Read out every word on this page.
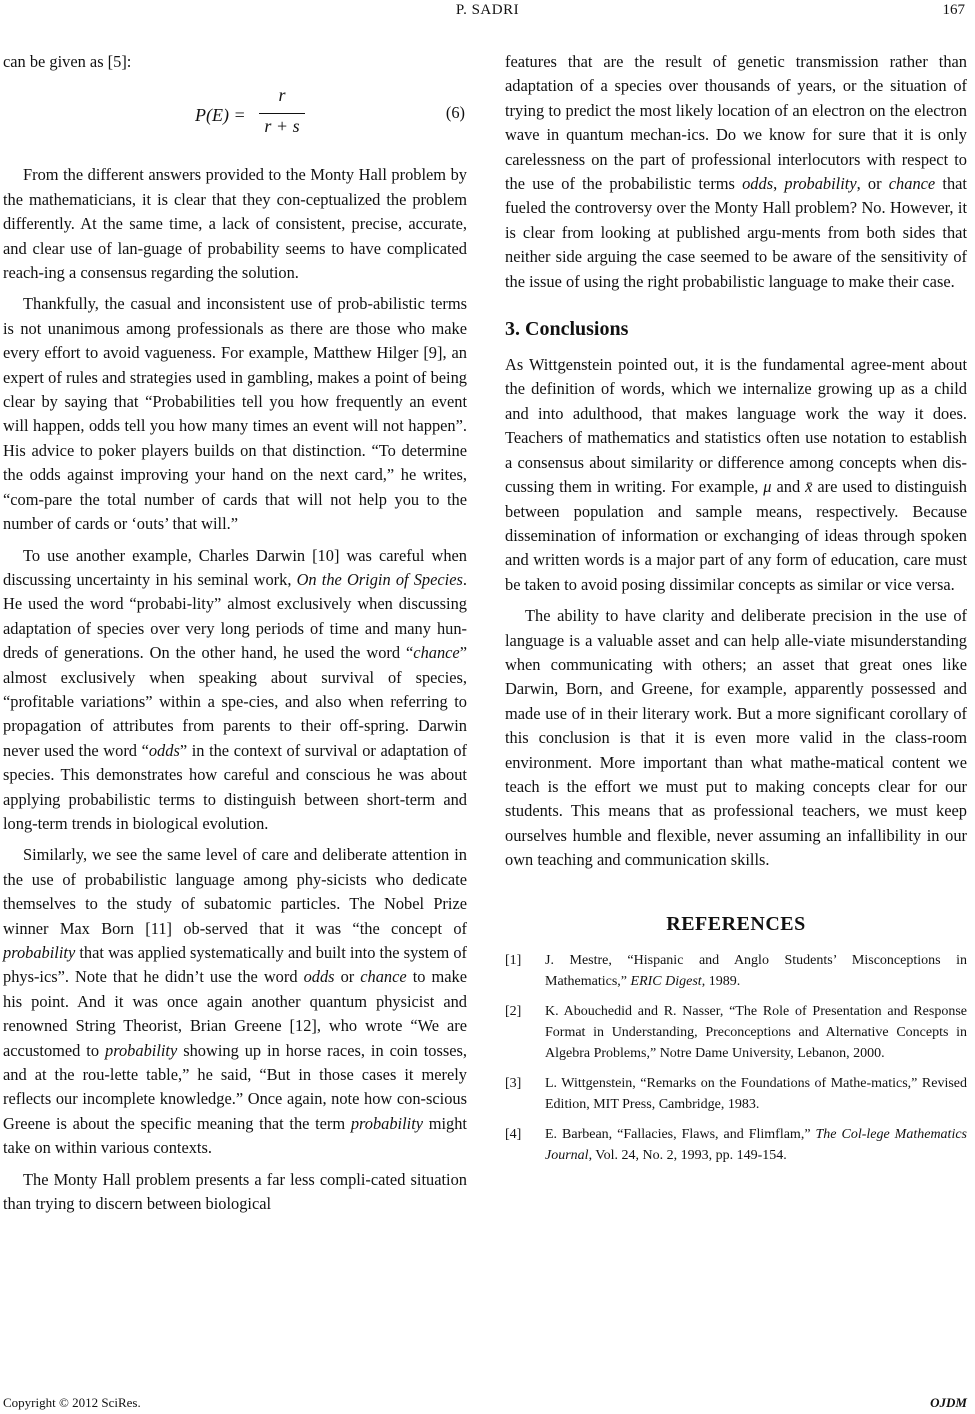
P. SADRI	167

can be given as [5]:

P(E) =
r
r + s
(6)

From the different answers provided to the Monty Hall problem by the mathematicians, it is clear that they con-ceptualized the problem differently. At the same time, a lack of consistent, precise, accurate, and clear use of lan-guage of probability seems to have complicated reach-ing a consensus regarding the solution.

Thankfully, the casual and inconsistent use of prob-abilistic terms is not unanimous among professionals as there are those who make every effort to avoid vagueness. For example, Matthew Hilger [9], an expert of rules and strategies used in gambling, makes a point of being clear by saying that “Probabilities tell you how frequently an event will happen, odds tell you how many times an event will not happen”. His advice to poker players builds on that distinction. “To determine the odds against improving your hand on the next card,” he writes, “com-pare the total number of cards that will not help you to the number of cards or ‘outs’ that will.”

To use another example, Charles Darwin [10] was careful when discussing uncertainty in his seminal work, On the Origin of Species. He used the word “probabi-lity” almost exclusively when discussing adaptation of species over very long periods of time and many hun-dreds of generations. On the other hand, he used the word “chance” almost exclusively when speaking about survival of species, “profitable variations” within a spe-cies, and also when referring to propagation of attributes from parents to their off-spring. Darwin never used the word “odds” in the context of survival or adaptation of species. This demonstrates how careful and conscious he was about applying probabilistic terms to distinguish between short-term and long-term trends in biological evolution.

Similarly, we see the same level of care and deliberate attention in the use of probabilistic language among phy-sicists who dedicate themselves to the study of subatomic particles. The Nobel Prize winner Max Born [11] ob-served that it was “the concept of probability that was applied systematically and built into the system of phys-ics”. Note that he didn’t use the word odds or chance to make his point. And it was once again another quantum physicist and renowned String Theorist, Brian Greene [12], who wrote “We are accustomed to probability showing up in horse races, in coin tosses, and at the rou-lette table,” he said, “But in those cases it merely reflects our incomplete knowledge.” Once again, note how con-scious Greene is about the specific meaning that the term probability might take on within various contexts.

The Monty Hall problem presents a far less compli-cated situation than trying to discern between biological

features that are the result of genetic transmission rather than adaptation of a species over thousands of years, or the situation of trying to predict the most likely location of an electron on the electron wave in quantum mechan-ics. Do we know for sure that it is only carelessness on the part of professional interlocutors with respect to the use of the probabilistic terms odds, probability, or chance that fueled the controversy over the Monty Hall problem? No. However, it is clear from looking at published argu-ments from both sides that neither side arguing the case seemed to be aware of the sensitivity of the issue of using the right probabilistic language to make their case.

3. Conclusions

As Wittgenstein pointed out, it is the fundamental agree-ment about the definition of words, which we internalize growing up as a child and into adulthood, that makes language work the way it does. Teachers of mathematics and statistics often use notation to establish a consensus about similarity or difference among concepts when dis-cussing them in writing. For example, μ and x̄ are used to distinguish between population and sample means, respectively. Because dissemination of information or exchanging of ideas through spoken and written words is a major part of any form of education, care must be taken to avoid posing dissimilar concepts as similar or vice versa.

The ability to have clarity and deliberate precision in the use of language is a valuable asset and can help alle-viate misunderstanding when communicating with others; an asset that great ones like Darwin, Born, and Greene, for example, apparently possessed and made use of in their literary work. But a more significant corollary of this conclusion is that it is even more valid in the class-room environment. More important than what mathe-matical content we teach is the effort we must put to making concepts clear for our students. This means that as professional teachers, we must keep ourselves humble and flexible, never assuming an infallibility in our own teaching and communication skills.

REFERENCES
[1] J. Mestre, “Hispanic and Anglo Students’ Misconceptions in Mathematics,” ERIC Digest, 1989.
[2] K. Abouchedid and R. Nasser, “The Role of Presentation and Response Format in Understanding, Preconceptions and Alternative Concepts in Algebra Problems,” Notre Dame University, Lebanon, 2000.
[3] L. Wittgenstein, “Remarks on the Foundations of Mathe-matics,” Revised Edition, MIT Press, Cambridge, 1983.
[4] E. Barbean, “Fallacies, Flaws, and Flimflam,” The Col-lege Mathematics Journal, Vol. 24, No. 2, 1993, pp. 149-154.
Copyright © 2012 SciRes.	OJDM
